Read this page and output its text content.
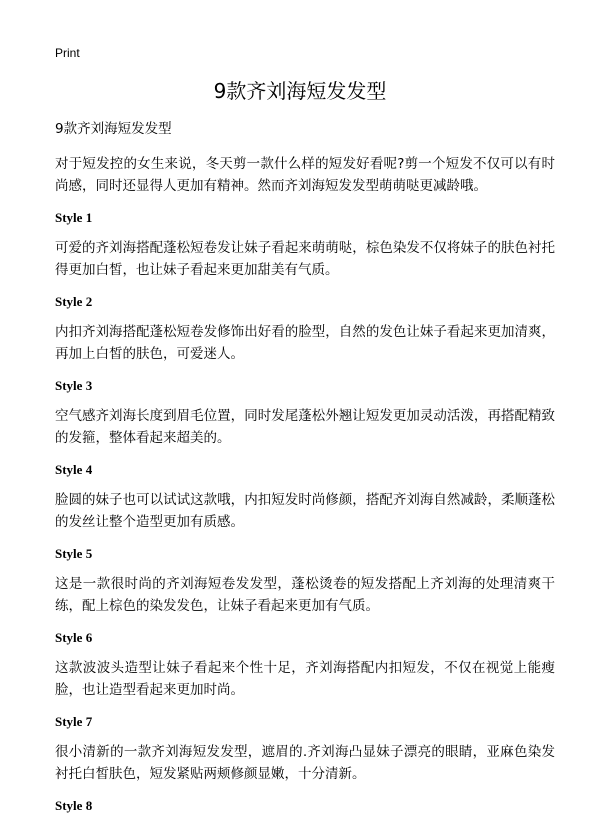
Print
9款齐刘海短发发型

9款齐刘海短发发型

对于短发控的女生来说，冬天剪一款什么样的短发好看呢?剪一个短发不仅可以有时尚感，同时还显得人更加有精神。然而齐刘海短发发型萌萌哒更减龄哦。

Style 1

可爱的齐刘海搭配蓬松短卷发让妹子看起来萌萌哒，棕色染发不仅将妹子的肤色衬托得更加白皙，也让妹子看起来更加甜美有气质。

Style 2

内扣齐刘海搭配蓬松短卷发修饰出好看的脸型，自然的发色让妹子看起来更加清爽，再加上白皙的肤色，可爱迷人。

Style 3

空气感齐刘海长度到眉毛位置，同时发尾蓬松外翘让短发更加灵动活泼，再搭配精致的发箍，整体看起来超美的。

Style 4

脸圆的妹子也可以试试这款哦，内扣短发时尚修颜，搭配齐刘海自然减龄，柔顺蓬松的发丝让整个造型更加有质感。

Style 5

这是一款很时尚的齐刘海短卷发发型，蓬松烫卷的短发搭配上齐刘海的处理清爽干练，配上棕色的染发发色，让妹子看起来更加有气质。

Style 6

这款波波头造型让妹子看起来个性十足，齐刘海搭配内扣短发，不仅在视觉上能瘦脸，也让造型看起来更加时尚。

Style 7

很小清新的一款齐刘海短发发型，遮眉的.齐刘海凸显妹子漂亮的眼睛，亚麻色染发衬托白皙肤色，短发紧贴两颊修颜显嫩，十分清新。

Style 8
